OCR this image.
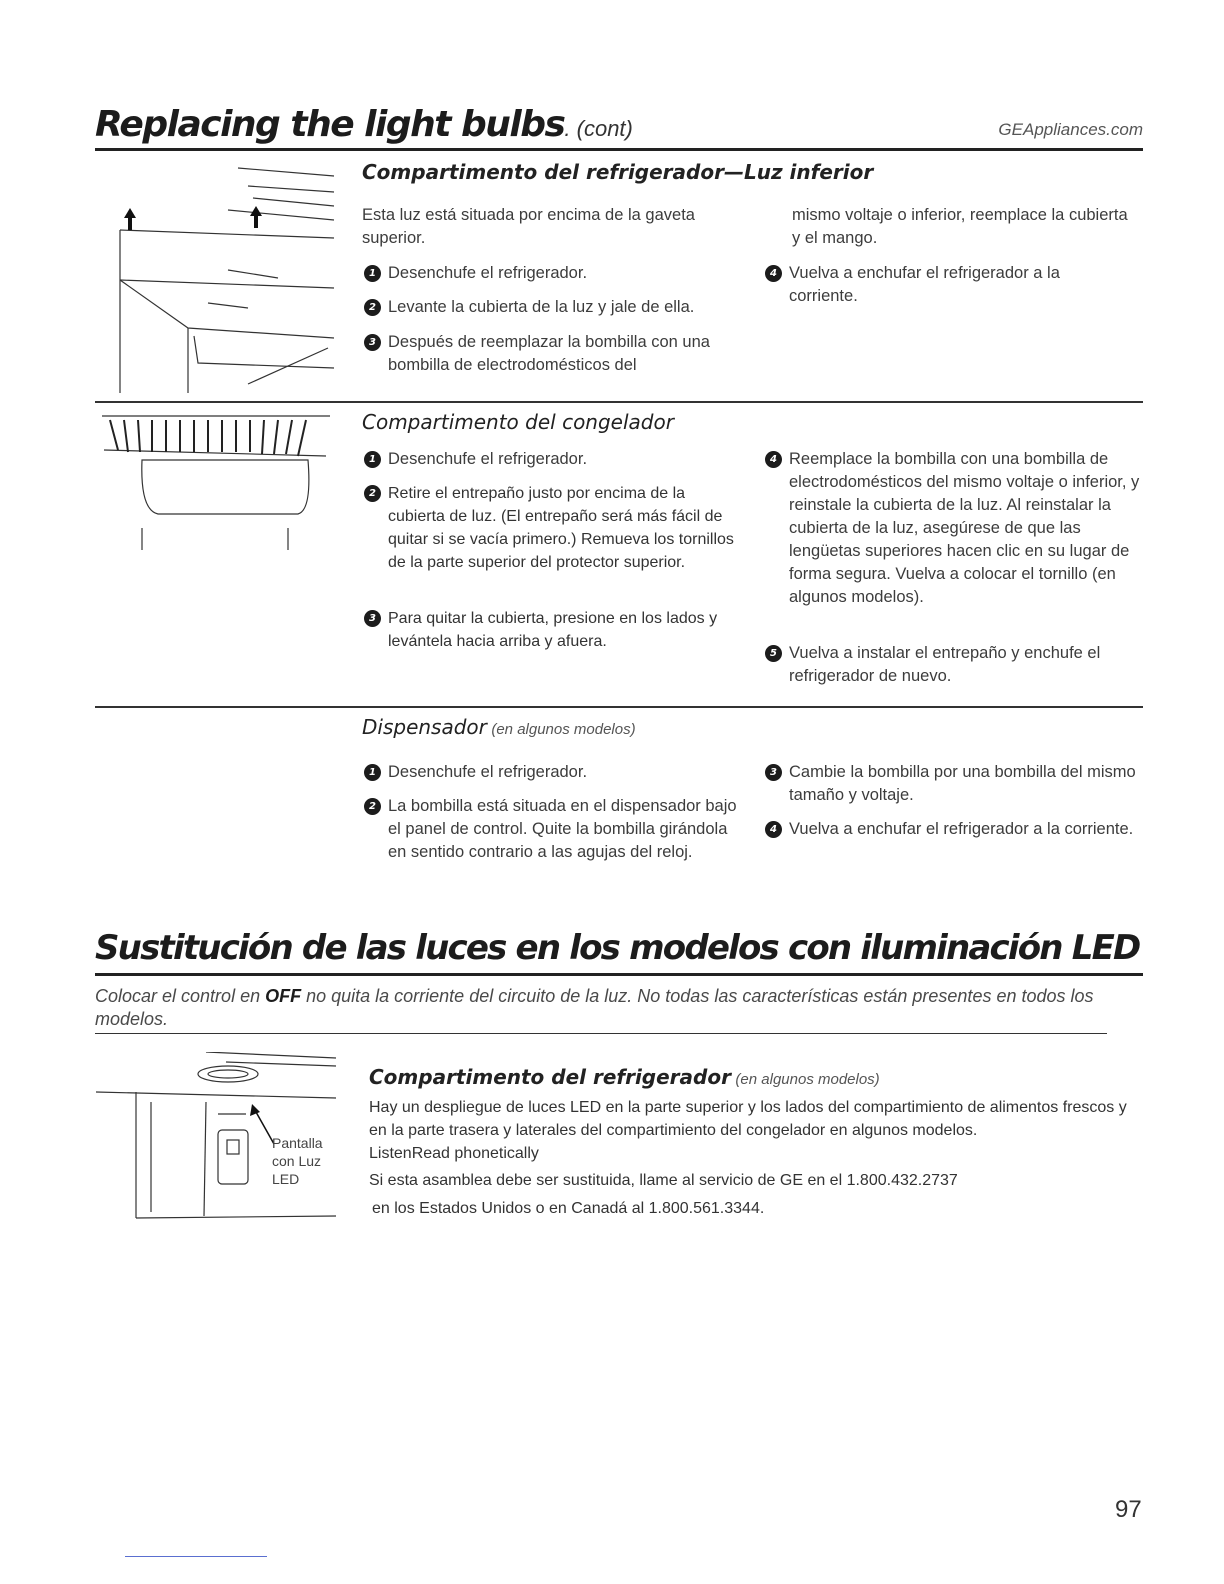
Replacing the light bulbs. (cont)	GEAppliances.com
Compartimento del refrigerador—Luz inferior
Esta luz está situada por encima de la gaveta superior.
1 Desenchufe el refrigerador.
2 Levante la cubierta de la luz y jale de ella.
3 Después de reemplazar la bombilla con una bombilla de electrodomésticos del
mismo voltaje o inferior, reemplace la cubierta y el mango.
4 Vuelva a enchufar el refrigerador a la corriente.
Compartimento del congelador
1 Desenchufe el refrigerador.
2 Retire el entrepaño justo por encima de la cubierta de luz. (El entrepaño será más fácil de quitar si se vacía primero.) Remueva los tornillos de la parte superior del protector superior.
3 Para quitar la cubierta, presione en los lados y levántela hacia arriba y afuera.
4 Reemplace la bombilla con una bombilla de electrodomésticos del mismo voltaje o inferior, y reinstale la cubierta de la luz. Al reinstalar la cubierta de la luz, asegúrese de que las lengüetas superiores hacen clic en su lugar de forma segura. Vuelva a colocar el tornillo (en algunos modelos).
5 Vuelva a instalar el entrepaño y enchufe el refrigerador de nuevo.
Dispensador (en algunos modelos)
1 Desenchufe el refrigerador.
2 La bombilla está situada en el dispensador bajo el panel de control. Quite la bombilla girándola en sentido contrario a las agujas del reloj.
3 Cambie la bombilla por una bombilla del mismo tamaño y voltaje.
4 Vuelva a enchufar el refrigerador a la corriente.
Sustitución de las luces en los modelos con iluminación LED
Colocar el control en OFF no quita la corriente del circuito de la luz. No todas las características están presentes en todos los modelos.
Pantalla
con Luz
LED
Compartimento del refrigerador (en algunos modelos)
Hay un despliegue de luces LED en la parte superior y los lados del compartimiento de alimentos frescos y en la parte trasera y laterales del compartimiento del congelador en algunos modelos.
ListenRead phonetically
Si esta asamblea debe ser sustituida, llame al servicio de GE en el 1.800.432.2737
en los Estados Unidos o en Canadá al 1.800.561.3344.
97
